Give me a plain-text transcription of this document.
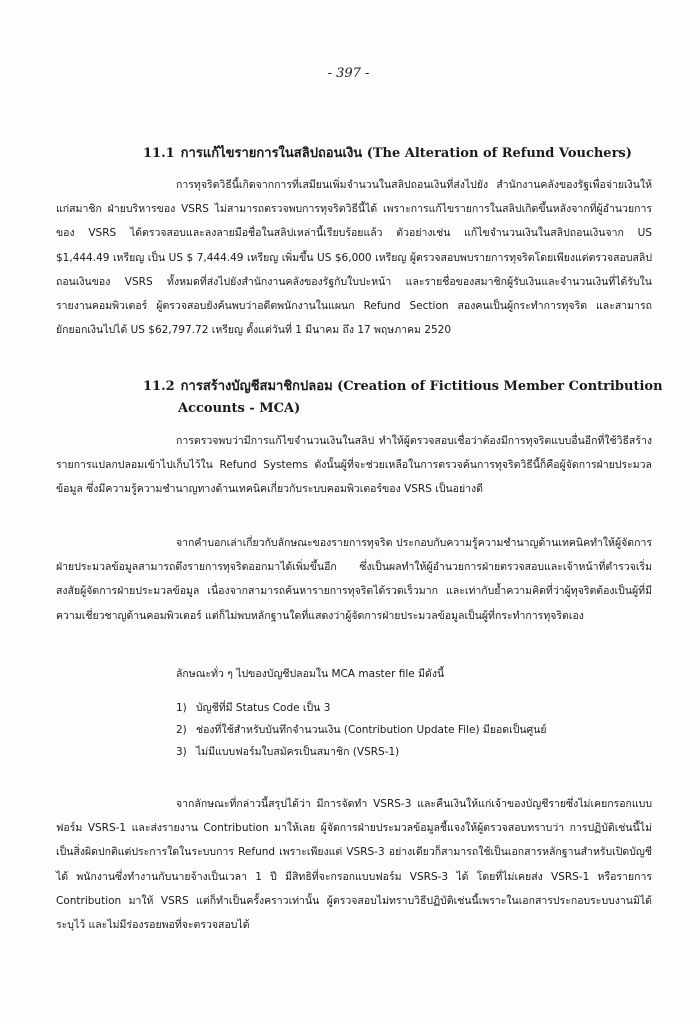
- 397 -
11.1 การแก้ไขรายการในสลิปถอนเงิน (The Alteration of Refund Vouchers)

การทุจริตวิธีนี้เกิดจากการที่เสมียนเพิ่มจำนวนในสลิปถอนเงินที่ส่งไปยัง สำนักงานคลังของรัฐเพื่อจ่ายเงินให้แก่สมาชิก ฝ่ายบริหารของ VSRS ไม่สามารถตรวจพบการทุจริตวิธีนี้ได้ เพราะการแก้ไขรายการในสลิปเกิดขึ้นหลังจากที่ผู้อำนวยการของ VSRS ได้ตรวจสอบและลงลายมือชื่อในสลิปเหล่านี้เรียบร้อยแล้ว ตัวอย่างเช่น แก้ไขจำนวนเงินในสลิปถอนเงินจาก US $1,444.49 เหรียญ เป็น US $ 7,444.49 เหรียญ เพิ่มขึ้น US $6,000 เหรียญ ผู้ตรวจสอบพบรายการทุจริตโดยเพียงแต่ตรวจสอบสลิปถอนเงินของ VSRS ทั้งหมดที่ส่งไปยังสำนักงานคลังของรัฐกับใบปะหน้า และรายชื่อของสมาชิกผู้รับเงินและจำนวนเงินที่ได้รับในรายงานคอมพิวเตอร์ ผู้ตรวจสอบยังค้นพบว่าอดีตพนักงานในแผนก Refund Section สองคนเป็นผู้กระทำการทุจริต และสามารถยักยอกเงินไปได้ US $62,797.72 เหรียญ ตั้งแต่วันที่ 1 มีนาคม ถึง 17 พฤษภาคม 2520

11.2 การสร้างบัญชีสมาชิกปลอม (Creation of Fictitious Member Contribution
Accounts - MCA)

การตรวจพบว่ามีการแก้ไขจำนวนเงินในสลิป ทำให้ผู้ตรวจสอบเชื่อว่าต้องมีการทุจริตแบบอื่นอีกที่ใช้วิธีสร้างรายการแปลกปลอมเข้าไปเก็บไว้ใน Refund Systems ดังนั้นผู้ที่จะช่วยเหลือในการตรวจค้นการทุจริตวิธีนี้ก็คือผู้จัดการฝ่ายประมวลข้อมูล ซึ่งมีความรู้ความชำนาญทางด้านเทคนิคเกี่ยวกับระบบคอมพิวเตอร์ของ VSRS เป็นอย่างดี

จากคำบอกเล่าเกี่ยวกับลักษณะของรายการทุจริต ประกอบกับความรู้ความชำนาญด้านเทคนิคทำให้ผู้จัดการฝ่ายประมวลข้อมูลสามารถดึงรายการทุจริตออกมาได้เพิ่มขึ้นอีก ซึ่งเป็นผลทำให้ผู้อำนวยการฝ่ายตรวจสอบและเจ้าหน้าที่ตำรวจเริ่มสงสัยผู้จัดการฝ่ายประมวลข้อมูล เนื่องจากสามารถค้นหารายการทุจริตได้รวดเร็วมาก และเท่ากับย้ำความคิดที่ว่าผู้ทุจริตต้องเป็นผู้ที่มีความเชี่ยวชาญด้านคอมพิวเตอร์ แต่ก็ไม่พบหลักฐานใดที่แสดงว่าผู้จัดการฝ่ายประมวลข้อมูลเป็นผู้ที่กระทำการทุจริตเอง

ลักษณะทั่ว ๆ ไปของบัญชีปลอมใน MCA master file มีดังนี้
1) บัญชีที่มี Status Code เป็น 3
2) ช่องที่ใช้สำหรับบันทึกจำนวนเงิน (Contribution Update File) มียอดเป็นศูนย์
3) ไม่มีแบบฟอร์มใบสมัครเป็นสมาชิก (VSRS-1)

จากลักษณะที่กล่าวนี้สรุปได้ว่า มีการจัดทำ VSRS-3 และคืนเงินให้แก่เจ้าของบัญชีรายซึ่งไม่เคยกรอกแบบฟอร์ม VSRS-1 และส่งรายงาน Contribution มาให้เลย ผู้จัดการฝ่ายประมวลข้อมูลชี้แจงให้ผู้ตรวจสอบทราบว่า การปฏิบัติเช่นนี้ไม่เป็นสิ่งผิดปกติแต่ประการใดในระบบการ Refund เพราะเพียงแต่ VSRS-3 อย่างเดียวก็สามารถใช้เป็นเอกสารหลักฐานสำหรับเปิดบัญชีได้ พนักงานซึ่งทำงานกับนายจ้างเป็นเวลา 1 ปี มีสิทธิที่จะกรอกแบบฟอร์ม VSRS-3 ได้ โดยที่ไม่เคยส่ง VSRS-1 หรือรายการ Contribution มาให้ VSRS แต่ก็ทำเป็นครั้งคราวเท่านั้น ผู้ตรวจสอบไม่ทราบวิธีปฏิบัติเช่นนี้เพราะในเอกสารประกอบระบบงานมิได้ระบุไว้ และไม่มีร่องรอยพอที่จะตรวจสอบได้
